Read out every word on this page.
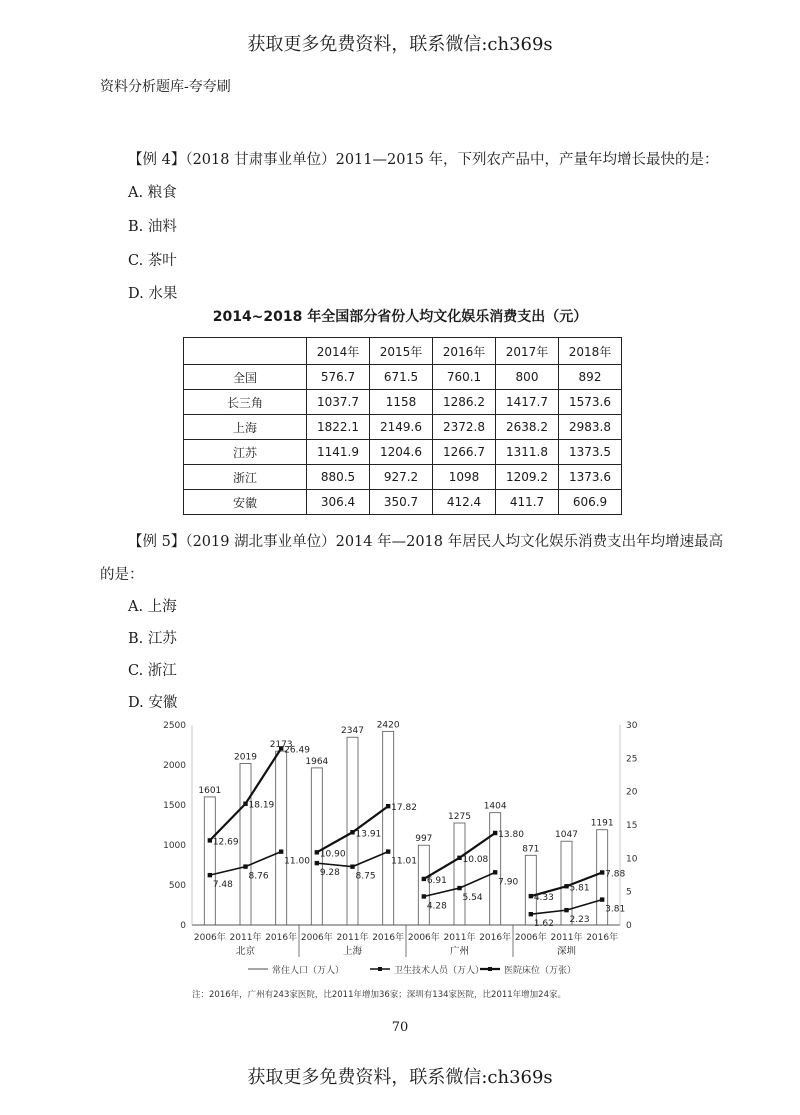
获取更多免费资料，联系微信:ch369s
资料分析题库-夸夸刷
【例 4】（2018 甘肃事业单位）2011—2015 年，下列农产品中，产量年均增长最快的是：
A. 粮食
B. 油料
C. 茶叶
D. 水果
2014~2018 年全国部分省份人均文化娱乐消费支出（元）
	2014年	2015年	2016年	2017年	2018年
全国	576.7	671.5	760.1	800	892
长三角	1037.7	1158	1286.2	1417.7	1573.6
上海	1822.1	2149.6	2372.8	2638.2	2983.8
江苏	1141.9	1204.6	1266.7	1311.8	1373.5
浙江	880.5	927.2	1098	1209.2	1373.6
安徽	306.4	350.7	412.4	411.7	606.9
【例 5】（2019 湖北事业单位）2014 年—2018 年居民人均文化娱乐消费支出年均增速最高
的是：
A. 上海
B. 江苏
C. 浙江
D. 安徽
1601
2019
2173
1964
2347
2420
997
1275
1404
871
1047
1191
7.48
8.76
11.00
9.28 8.75
11.01
4.28
5.54
7.90
1.62 2.23
3.81
12.69
18.19
26.49
10.90
13.91
17.82
6.91
10.08
13.80
4.33
5.81
7.88
0
500
1000
1500
2000
2500
0
5
10
15
20
25
30
2006年 2011年 2016年 2006年 2011年 2016年 2006年 2011年 2016年 2006年 2011年 2016年
北京	上海	广州	深圳
常住人口（万人）	卫生技术人员（万人） 医院床位（万张）
注：2016年，广州有243家医院，比2011年增加36家；深圳有134家医院，比2011年增加24家。
70
获取更多免费资料，联系微信:ch369s
